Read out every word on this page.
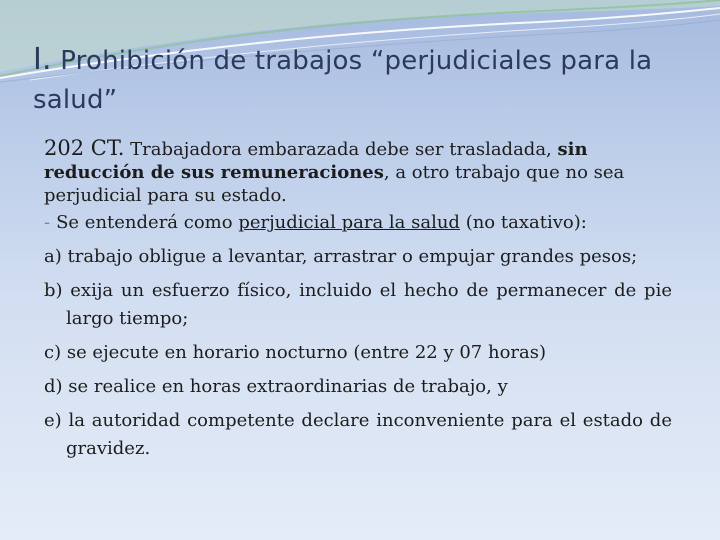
I. Prohibición de trabajos “perjudiciales para la salud”

202 CT. Trabajadora embarazada debe ser trasladada, sin reducción de sus remuneraciones, a otro trabajo que no sea perjudicial para su estado.

- Se entenderá como perjudicial para la salud (no taxativo):

a) trabajo obligue a levantar, arrastrar o empujar grandes pesos;

b) exija un esfuerzo físico, incluido el hecho de permanecer de pie largo tiempo;

c) se ejecute en horario nocturno (entre 22 y 07 horas)

d) se realice en horas extraordinarias de trabajo, y

e) la autoridad competente declare inconveniente para el estado de gravidez.
